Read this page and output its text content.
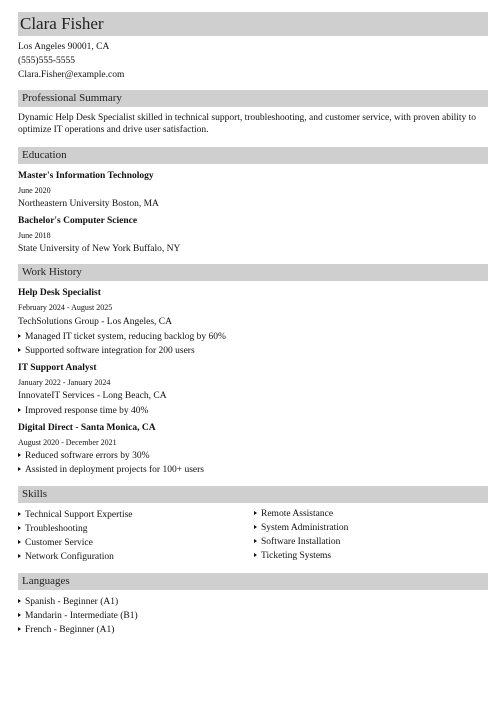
Clara Fisher
Los Angeles 90001, CA
(555)555-5555
Clara.Fisher@example.com
Professional Summary
Dynamic Help Desk Specialist skilled in technical support, troubleshooting, and customer service, with proven ability to optimize IT operations and drive user satisfaction.
Education
Master's Information Technology
June 2020
Northeastern University Boston, MA
Bachelor's Computer Science
June 2018
State University of New York Buffalo, NY
Work History
Help Desk Specialist
February 2024 - August 2025
TechSolutions Group - Los Angeles, CA
Managed IT ticket system, reducing backlog by 60%
Supported software integration for 200 users
IT Support Analyst
January 2022 - January 2024
InnovateIT Services - Long Beach, CA
Improved response time by 40%
Digital Direct - Santa Monica, CA
August 2020 - December 2021
Reduced software errors by 30%
Assisted in deployment projects for 100+ users
Skills
Technical Support Expertise
Troubleshooting
Customer Service
Network Configuration
Remote Assistance
System Administration
Software Installation
Ticketing Systems
Languages
Spanish - Beginner (A1)
Mandarin - Intermediate (B1)
French - Beginner (A1)
